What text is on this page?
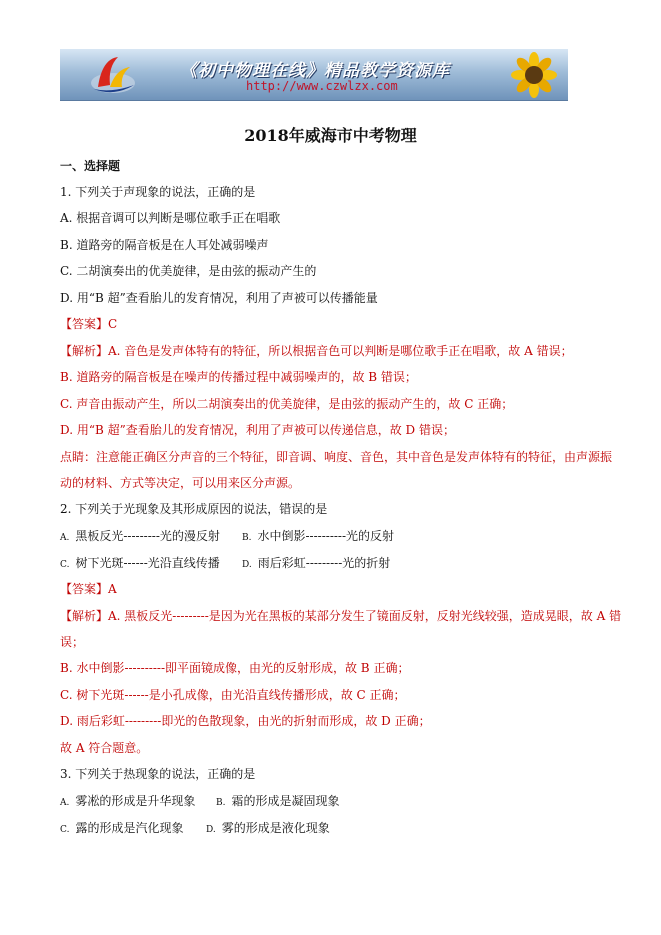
《初中物理在线》精品教学资源库
http://www.czwlzx.com
2018年威海市中考物理
一、选择题
1. 下列关于声现象的说法，正确的是
A. 根据音调可以判断是哪位歌手正在唱歌
B. 道路旁的隔音板是在人耳处减弱噪声
C. 二胡演奏出的优美旋律，是由弦的振动产生的
D. 用“B 超”查看胎儿的发育情况，利用了声被可以传播能量
【答案】C
【解析】A. 音色是发声体特有的特征，所以根据音色可以判断是哪位歌手正在唱歌，故 A 错误；
B. 道路旁的隔音板是在噪声的传播过程中减弱噪声的，故 B 错误；
C. 声音由振动产生，所以二胡演奏出的优美旋律，是由弦的振动产生的，故 C 正确；
D. 用“B 超”查看胎儿的发育情况，利用了声被可以传递信息，故 D 错误；
点睛：注意能正确区分声音的三个特征，即音调、响度、音色，其中音色是发声体特有的特征，由声源振
动的材料、方式等决定，可以用来区分声源。
2. 下列关于光现象及其形成原因的说法，错误的是
A. 黑板反光---------光的漫反射 B. 水中倒影----------光的反射
C. 树下光斑------光沿直线传播 D. 雨后彩虹---------光的折射
【答案】A
【解析】A. 黑板反光---------是因为光在黑板的某部分发生了镜面反射，反射光线较强，造成晃眼，故 A 错
误；
B. 水中倒影----------即平面镜成像，由光的反射形成，故 B 正确；
C. 树下光斑------是小孔成像，由光沿直线传播形成，故 C 正确；
D. 雨后彩虹---------即光的色散现象，由光的折射而形成，故 D 正确；
故 A 符合题意。
3. 下列关于热现象的说法，正确的是
A. 雾凇的形成是升华现象 B. 霜的形成是凝固现象
C. 露的形成是汽化现象	D. 雾的形成是液化现象
